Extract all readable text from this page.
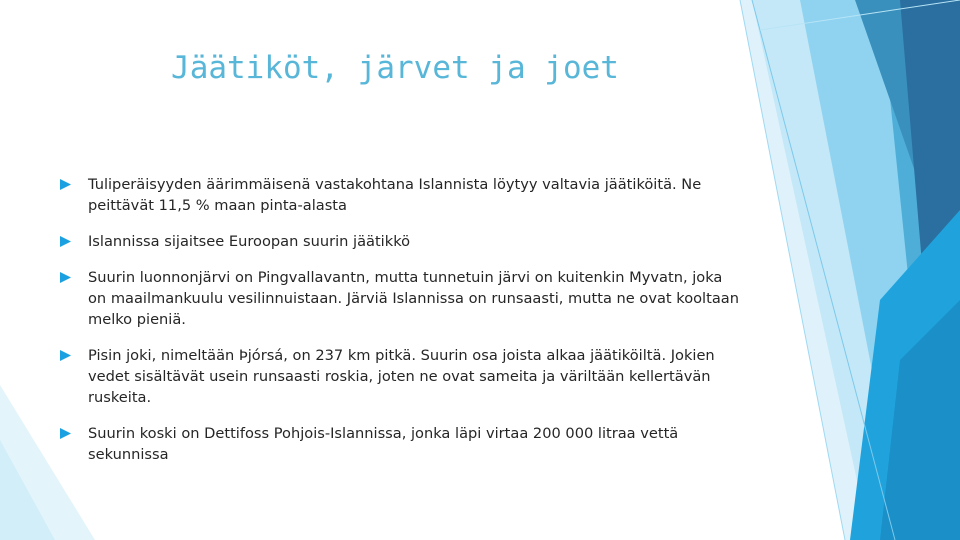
Jäätiköt, järvet ja joet
Tuliperäisyyden äärimmäisenä vastakohtana Islannista löytyy valtavia jäätiköitä. Ne peittävät 11,5 % maan pinta-alasta
Islannissa sijaitsee Euroopan suurin jäätikkö
Suurin luonnonjärvi on Pingvallavantn, mutta tunnetuin järvi on kuitenkin Myvatn, joka on maailmankuulu vesilinnuistaan. Järviä Islannissa on runsaasti, mutta ne ovat kooltaan melko pieniä.
Pisin joki, nimeltään Þjórsá, on 237 km pitkä. Suurin osa joista alkaa jäätiköiltä. Jokien vedet sisältävät usein runsaasti roskia, joten ne ovat sameita ja väriltään kellertävän ruskeita.
Suurin koski on Dettifoss Pohjois-Islannissa, jonka läpi virtaa 200 000 litraa vettä sekunnissa
